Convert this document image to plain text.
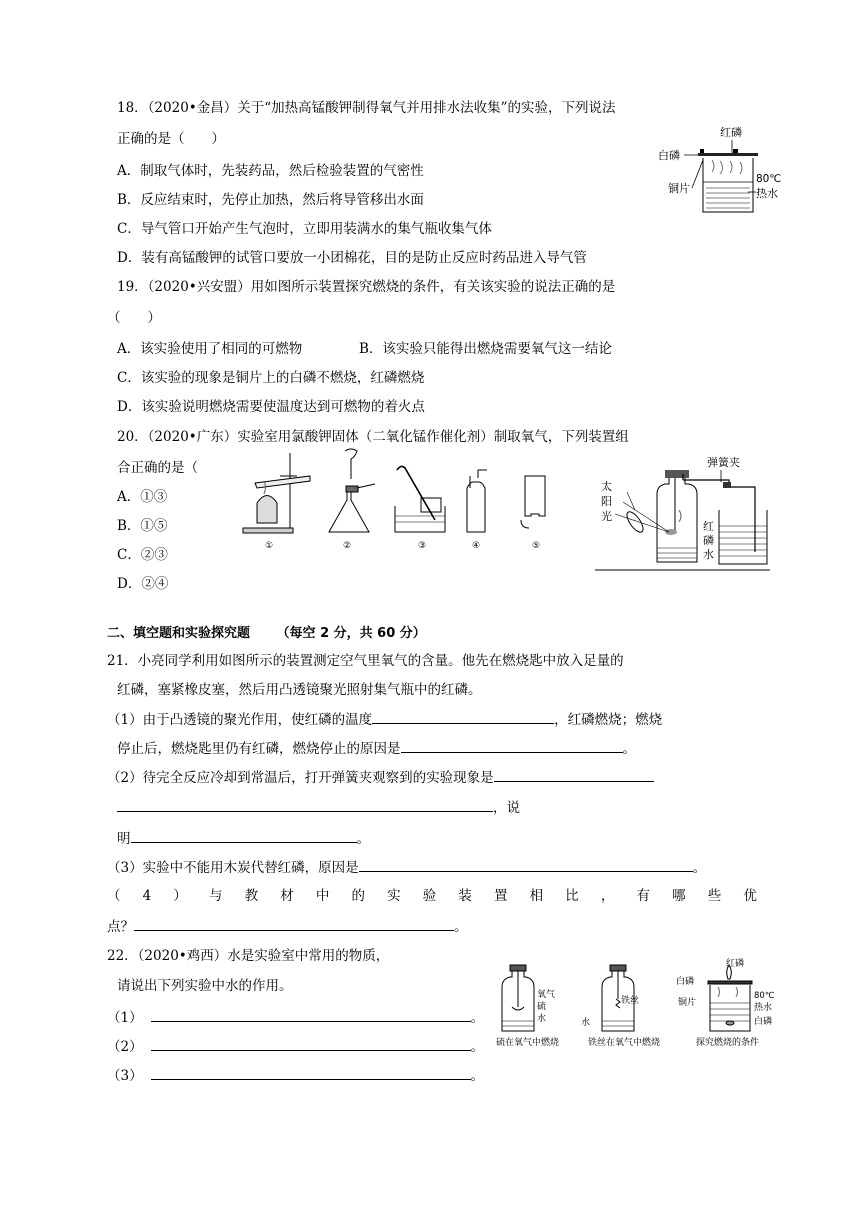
18．（2020•金昌）关于“加热高锰酸钾制得氧气并用排水法收集”的实验，下列说法
正确的是（　　）
A．制取气体时，先装药品，然后检验装置的气密性
B．反应结束时，先停止加热，然后将导管移出水面
C．导气管口开始产生气泡时，立即用装满水的集气瓶收集气体
D．装有高锰酸钾的试管口要放一小团棉花，目的是防止反应时药品进入导气管
红磷
白磷
80℃
热水
铜片
19．（2020•兴安盟）用如图所示装置探究燃烧的条件，有关该实验的说法正确的是
（　　）
A．该实验使用了相同的可燃物	B．该实验只能得出燃烧需要氧气这一结论
C．该实验的现象是铜片上的白磷不燃烧，红磷燃烧
D．该实验说明燃烧需要使温度达到可燃物的着火点
20．（2020•广东）实验室用氯酸钾固体（二氧化锰作催化剂）制取氧气，下列装置组
合正确的是（
A．①③
B．①⑤
C．②③
D．②④
①	②	③	④	⑤
弹簧夹
太
阳
光
红
磷
水
二、填空题和实验探究题 （每空 2 分，共 60 分）
21．小亮同学利用如图所示的装置测定空气里氧气的含量。他先在燃烧匙中放入足量的
红磷，塞紧橡皮塞，然后用凸透镜聚光照射集气瓶中的红磷。
（1）由于凸透镜的聚光作用，使红磷的温度	，红磷燃烧；燃烧
停止后，燃烧匙里仍有红磷，燃烧停止的原因是	。
（2）待完全反应冷却到常温后，打开弹簧夹观察到的实验现象是
，说
明	。
（3）实验中不能用木炭代替红磷，原因是	。
（ 4 ） 与 教 材 中 的 实 验 装 置 相 比 ， 有 哪 些 优
点？	。
22．（2020•鸡西）水是实验室中常用的物质，
请说出下列实验中水的作用。
（1）	。
（2）	。
（3）	。
氧气
硫
水
硫在氧气中燃烧
铁丝
水
铁丝在氧气中燃烧
红磷
白磷
80℃
热水
铜片
白磷
探究燃烧的条件
